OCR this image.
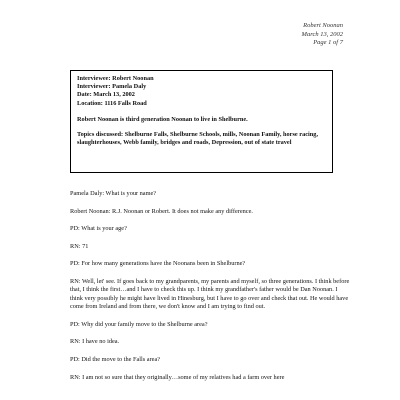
Robert Noonan
March 13, 2002
Page 1 of 7
Interviewee: Robert Noonan
Interviewer: Pamela Daly
Date: March 13, 2002
Location: 1116 Falls Road
Robert Noonan is third generation Noonan to live in Shelburne.
Topics discussed: Shelburne Falls, Shelburne Schools, mills, Noonan Family, horse racing, slaughterhouses, Webb family, bridges and roads, Depression, out of state travel

Pamela Daly: What is your name?

Robert Noonan: R.J. Noonan or Robert. It does not make any difference.

PD: What is your age?

RN: 71

PD: For how many generations have the Noonans been in Shelburne?

RN: Well, let' see. If goes back to my grandparents, my parents and myself, so three generations. I think before that, I think the first…and I have to check this up. I think my grandfather's father would be Dan Noonan. I think very possibly he might have lived in Hinesburg, but I have to go over and check that out. He would have come from Ireland and from there, we don't know and I am trying to find out.

PD: Why did your family move to the Shelburne area?

RN: I have no idea.

PD: Did the move to the Falls area?

RN: I am not so sure that they originally…some of my relatives had a farm over here
